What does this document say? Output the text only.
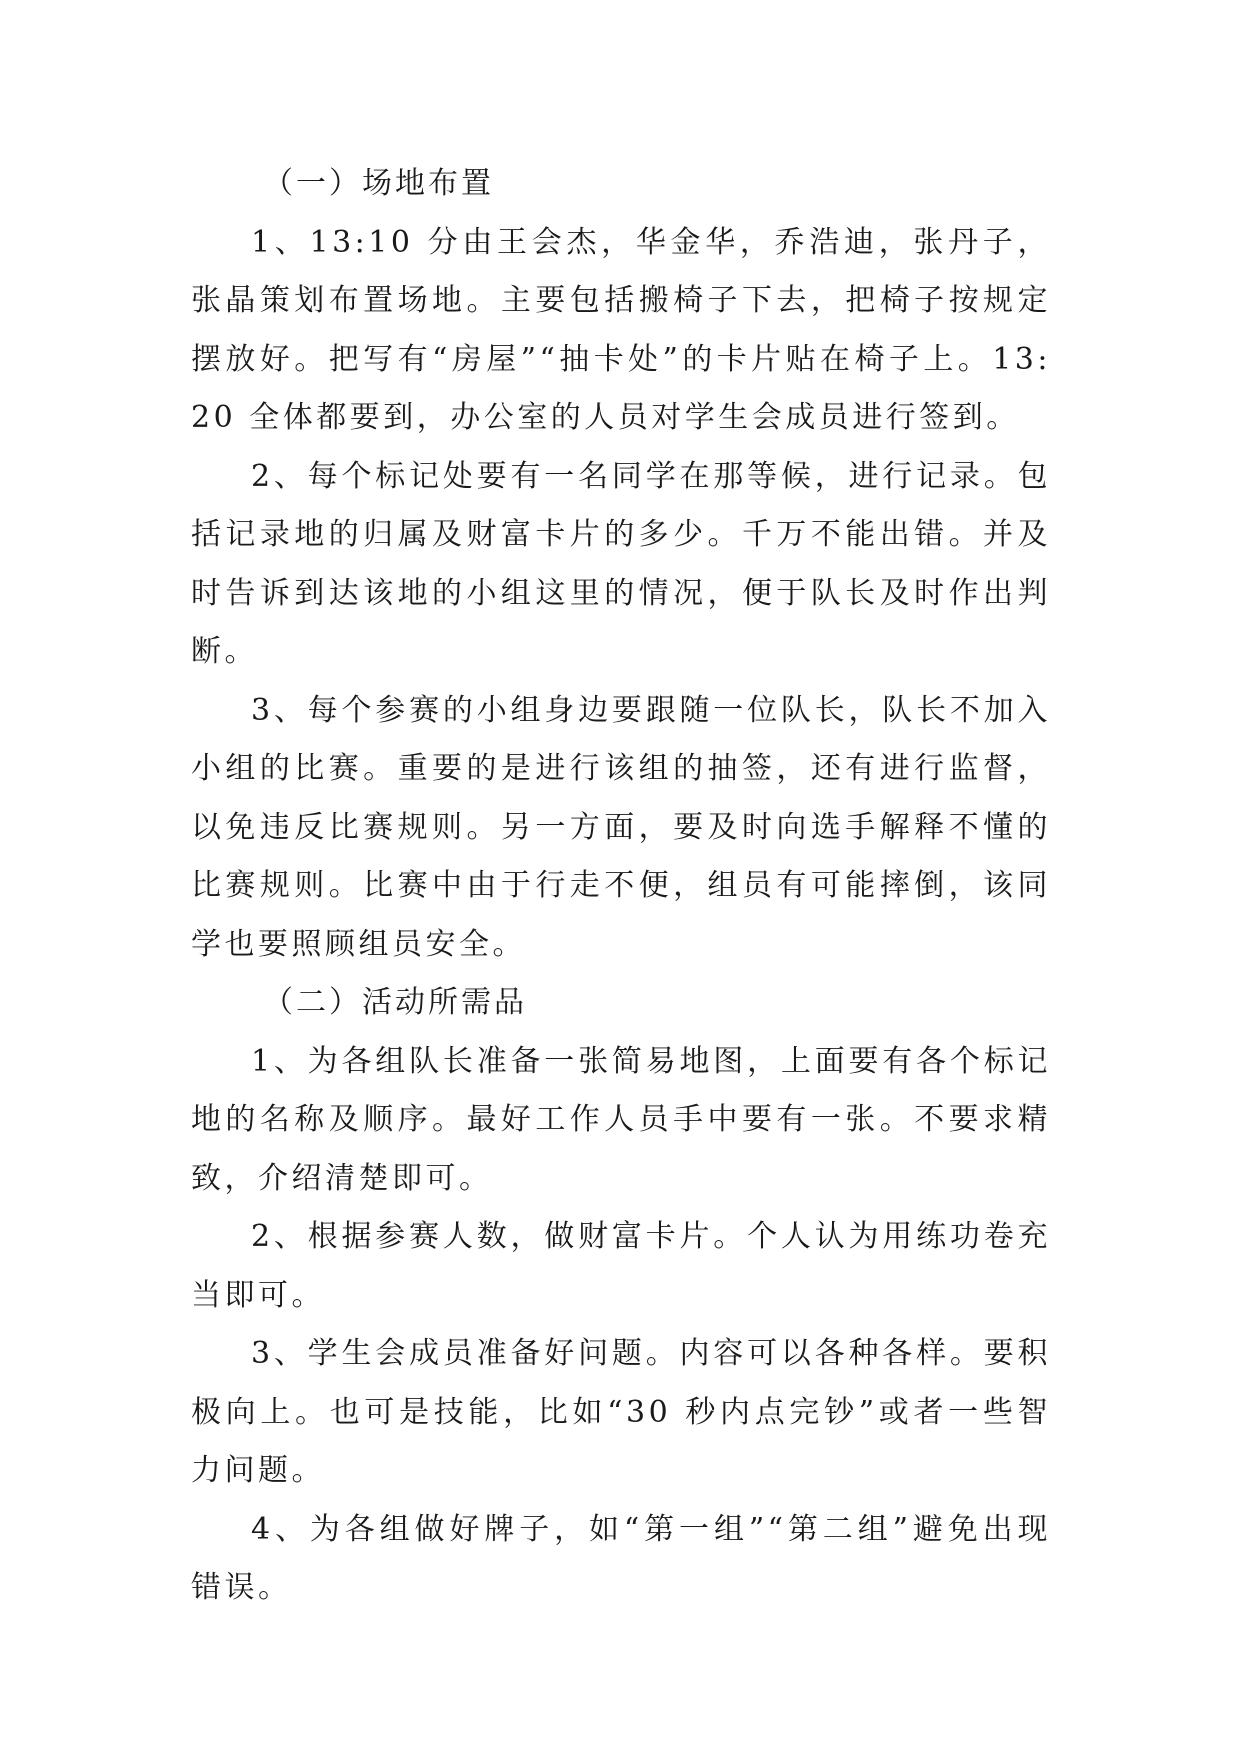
（一）场地布置

1、13:10 分由王会杰，华金华，乔浩迪，张丹子，张晶策划布置场地。主要包括搬椅子下去，把椅子按规定摆放好。把写有“房屋”“抽卡处”的卡片贴在椅子上。13:20 全体都要到，办公室的人员对学生会成员进行签到。

2、每个标记处要有一名同学在那等候，进行记录。包括记录地的归属及财富卡片的多少。千万不能出错。并及时告诉到达该地的小组这里的情况，便于队长及时作出判断。

3、每个参赛的小组身边要跟随一位队长，队长不加入小组的比赛。重要的是进行该组的抽签，还有进行监督，以免违反比赛规则。另一方面，要及时向选手解释不懂的比赛规则。比赛中由于行走不便，组员有可能摔倒，该同学也要照顾组员安全。

（二）活动所需品

1、为各组队长准备一张简易地图，上面要有各个标记地的名称及顺序。最好工作人员手中要有一张。不要求精致，介绍清楚即可。

2、根据参赛人数，做财富卡片。个人认为用练功卷充当即可。

3、学生会成员准备好问题。内容可以各种各样。要积极向上。也可是技能，比如“30 秒内点完钞”或者一些智力问题。

4、为各组做好牌子，如“第一组”“第二组”避免出现错误。
